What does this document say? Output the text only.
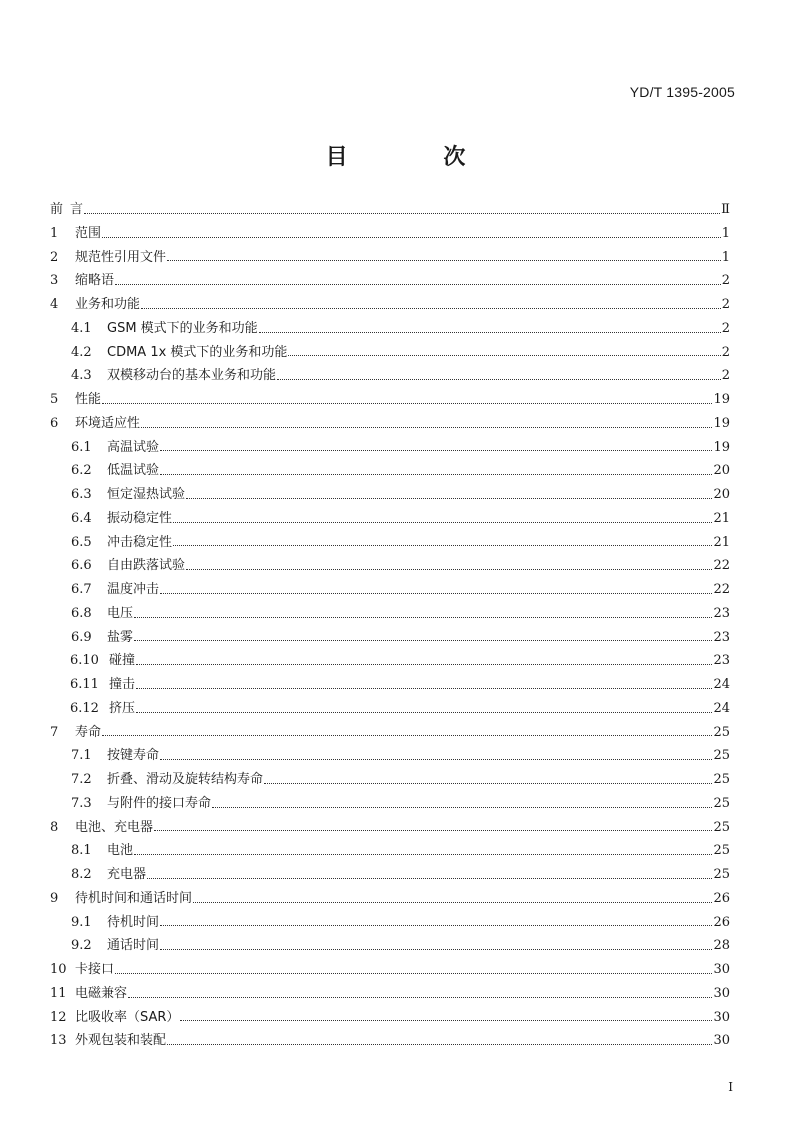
YD/T 1395-2005
目 次
前 言	Ⅱ
1	范围	1
2	规范性引用文件	1
3	缩略语	2
4	业务和功能	2
4.1	GSM 模式下的业务和功能	2
4.2	CDMA 1x 模式下的业务和功能	2
4.3	双模移动台的基本业务和功能	2
5	性能	19
6	环境适应性	19
6.1	高温试验	19
6.2	低温试验	20
6.3	恒定湿热试验	20
6.4	振动稳定性	21
6.5	冲击稳定性	21
6.6	自由跌落试验	22
6.7	温度冲击	22
6.8	电压	23
6.9	盐雾	23
6.10 碰撞	23
6.11 撞击	24
6.12 挤压	24
7	寿命	25
7.1	按键寿命	25
7.2	折叠、滑动及旋转结构寿命	25
7.3	与附件的接口寿命	25
8	电池、充电器	25
8.1	电池	25
8.2	充电器	25
9	待机时间和通话时间	26
9.1	待机时间	26
9.2	通话时间	28
10 卡接口	30
11 电磁兼容	30
12 比吸收率（SAR）	30
13 外观包装和装配	30
I
